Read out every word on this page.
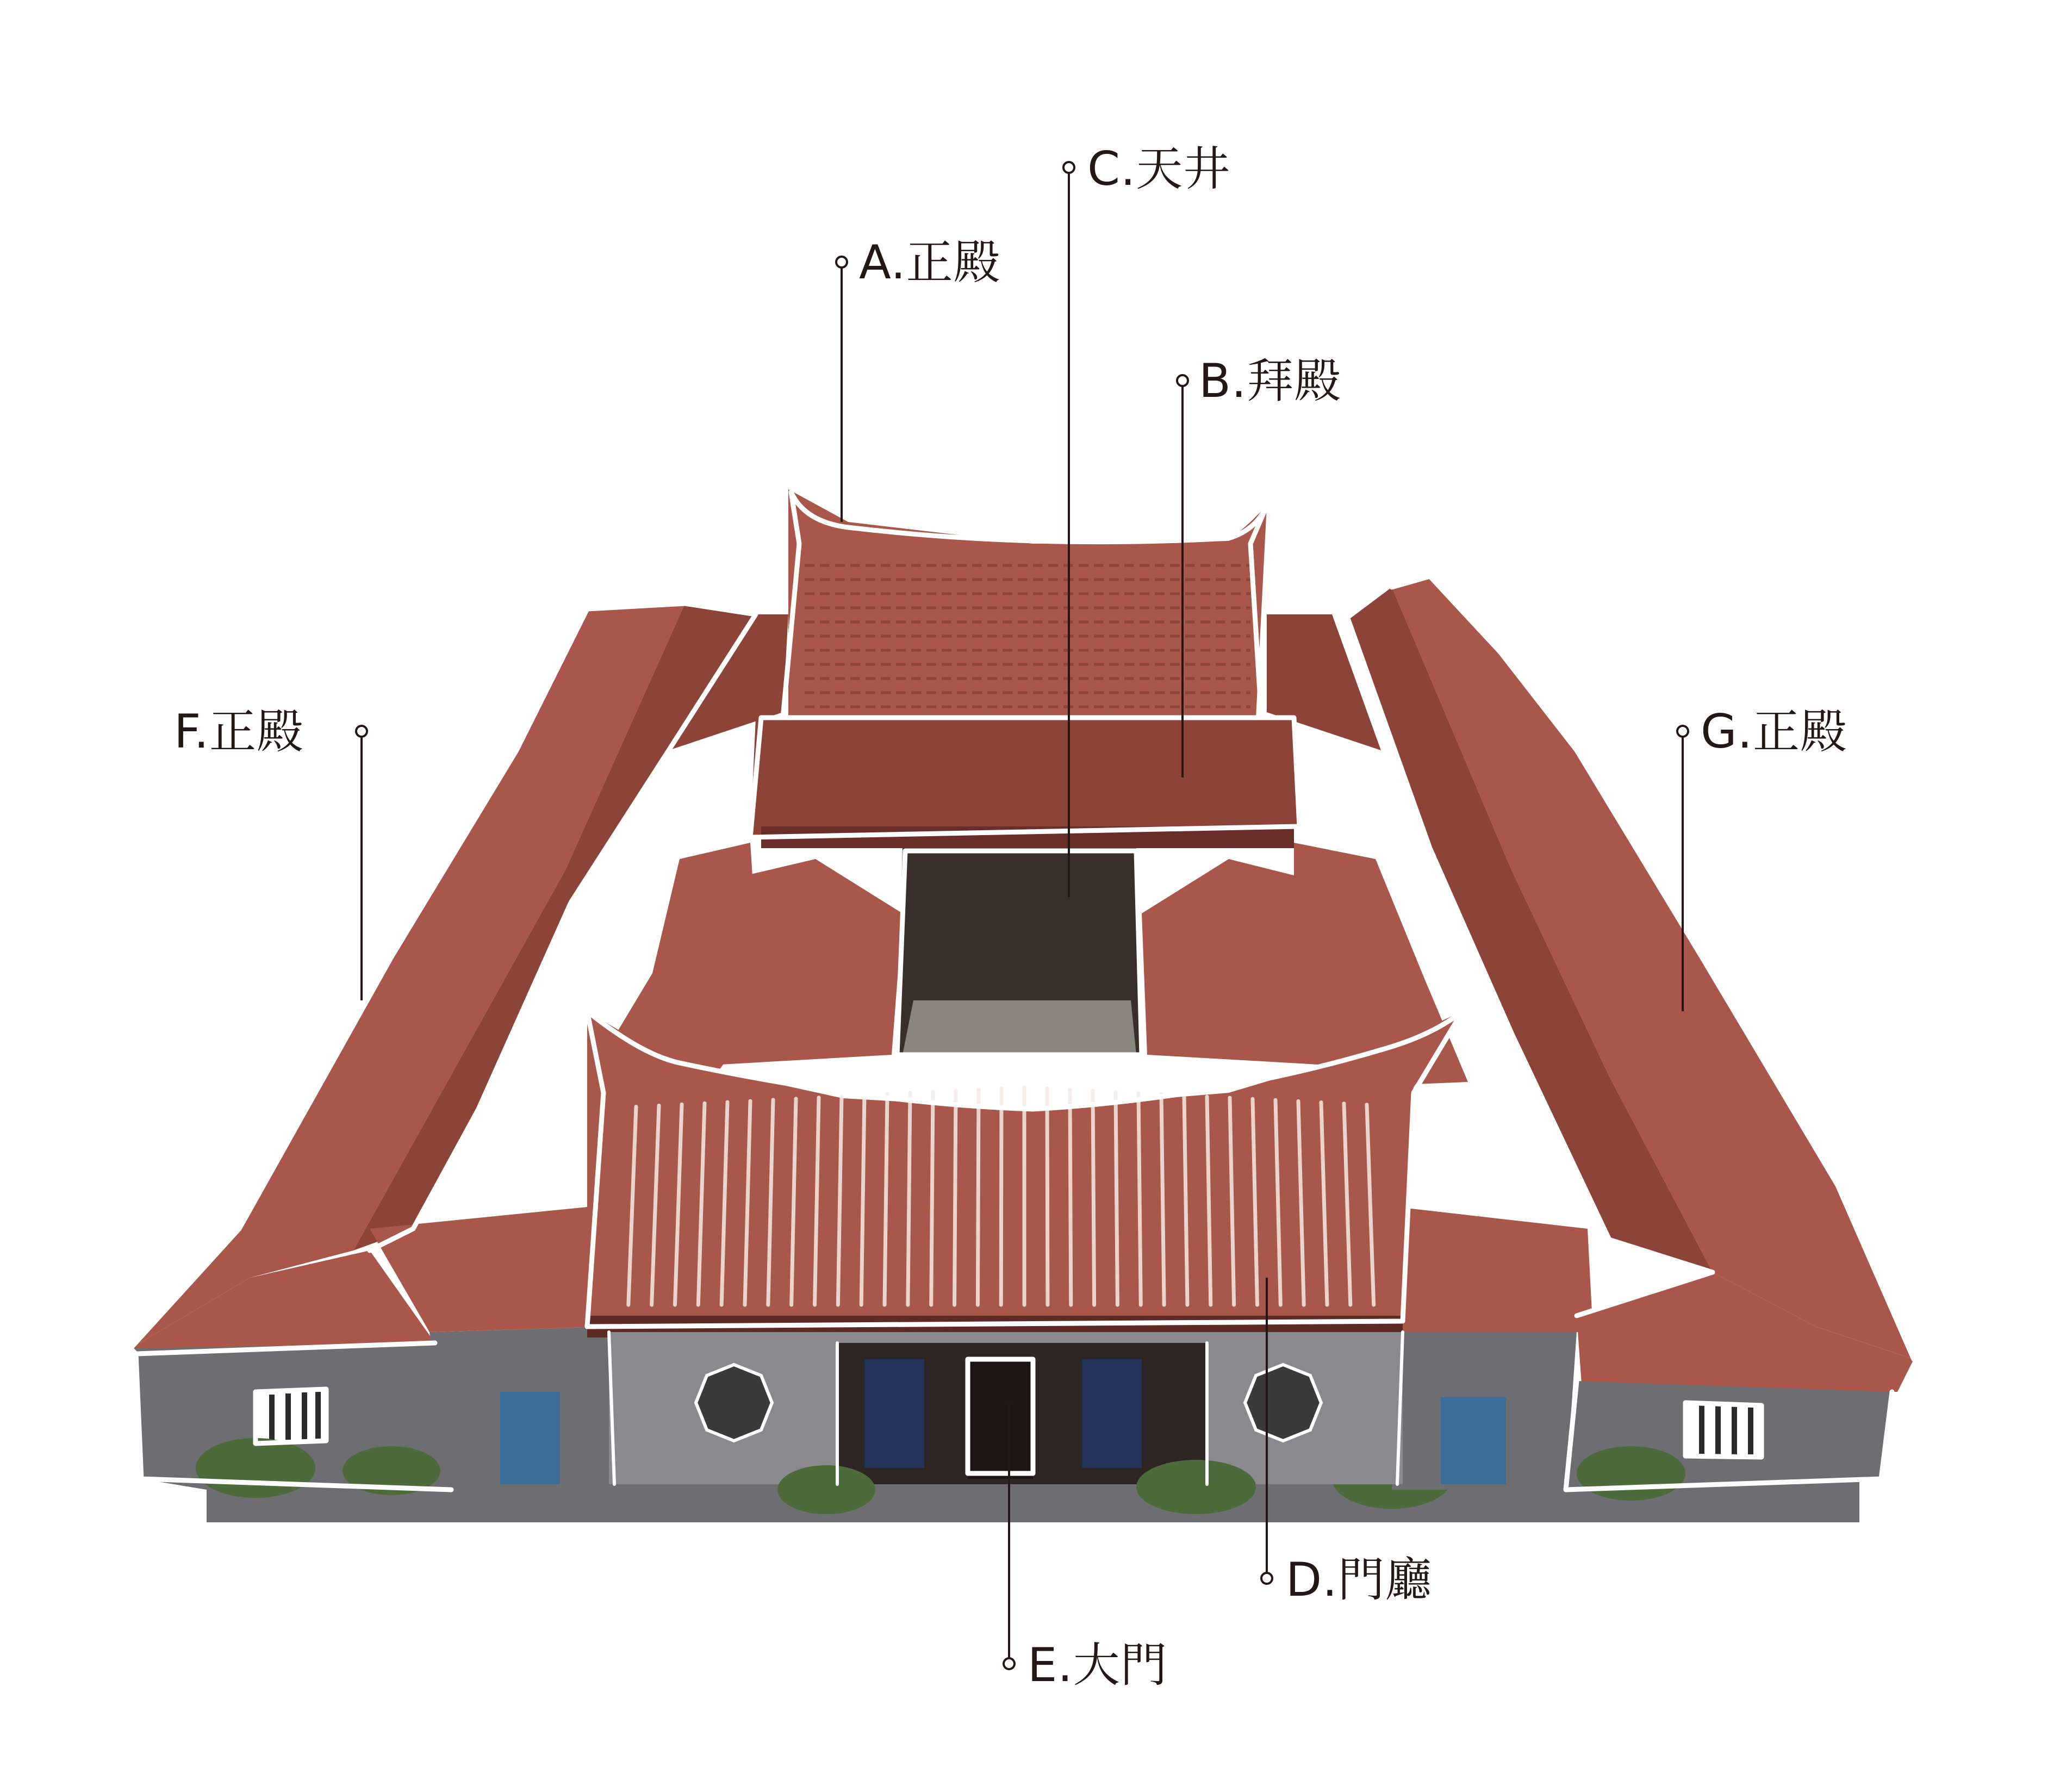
A.正殿
B.拜殿
C.天井
D.門廳
E.大門
F.正殿	G.正殿
